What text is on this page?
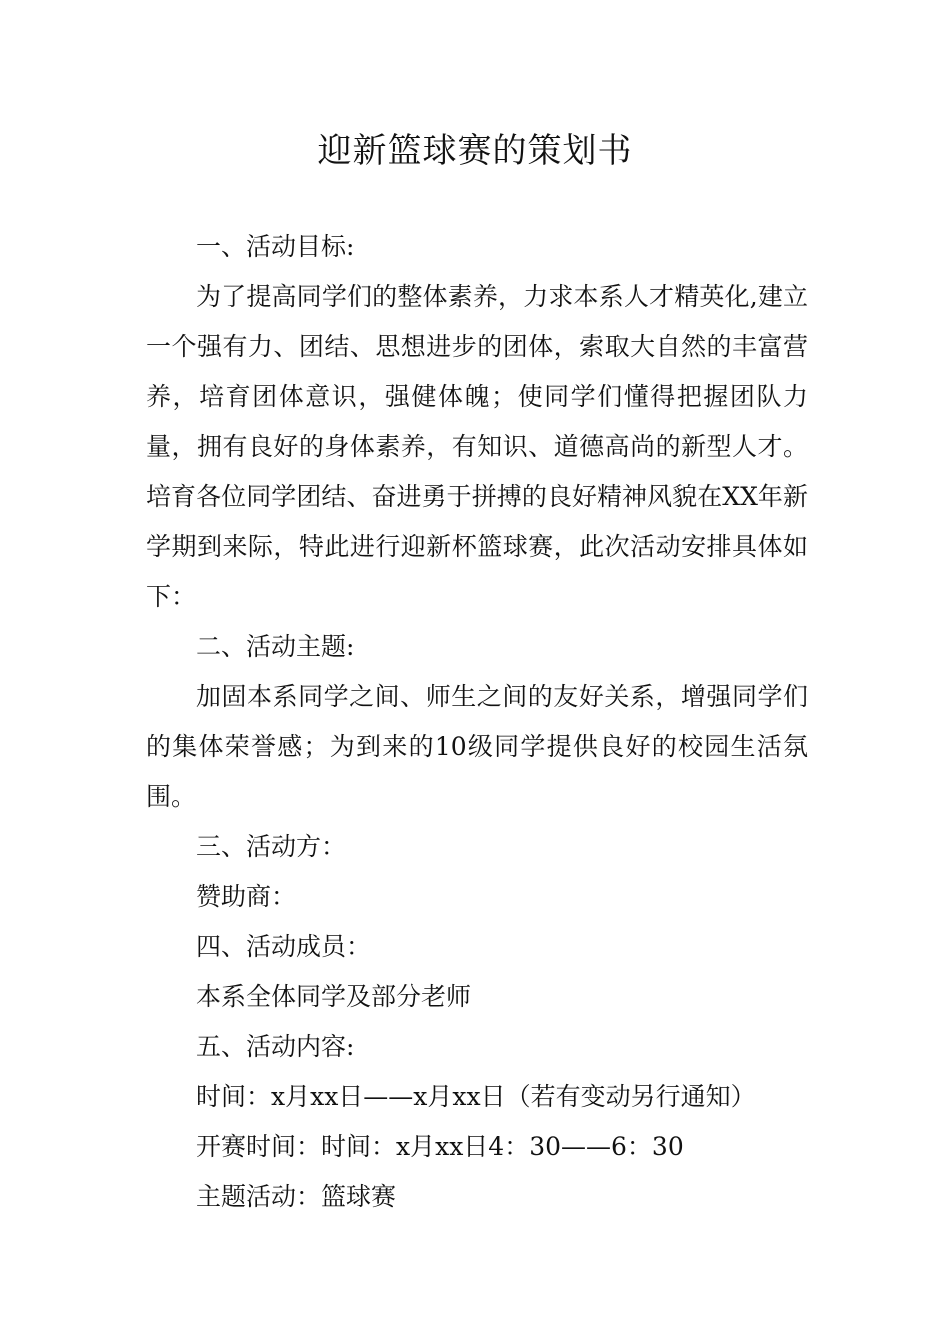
迎新篮球赛的策划书

一、活动目标:

为了提高同学们的整体素养，力求本系人才精英化,建立一个强有力、团结、思想进步的团体，索取大自然的丰富营养，培育团体意识，强健体魄；使同学们懂得把握团队力量，拥有良好的身体素养，有知识、道德高尚的新型人才。培育各位同学团结、奋进勇于拼搏的良好精神风貌在XX年新学期到来际，特此进行迎新杯篮球赛，此次活动安排具体如下：

二、活动主题:

加固本系同学之间、师生之间的友好关系，增强同学们的集体荣誉感；为到来的10级同学提供良好的校园生活氛围。

三、活动方：

赞助商：

四、活动成员：

本系全体同学及部分老师

五、活动内容:

时间：x月xx日——x月xx日（若有变动另行通知）

开赛时间：时间：x月xx日4：30——6：30

主题活动：篮球赛
